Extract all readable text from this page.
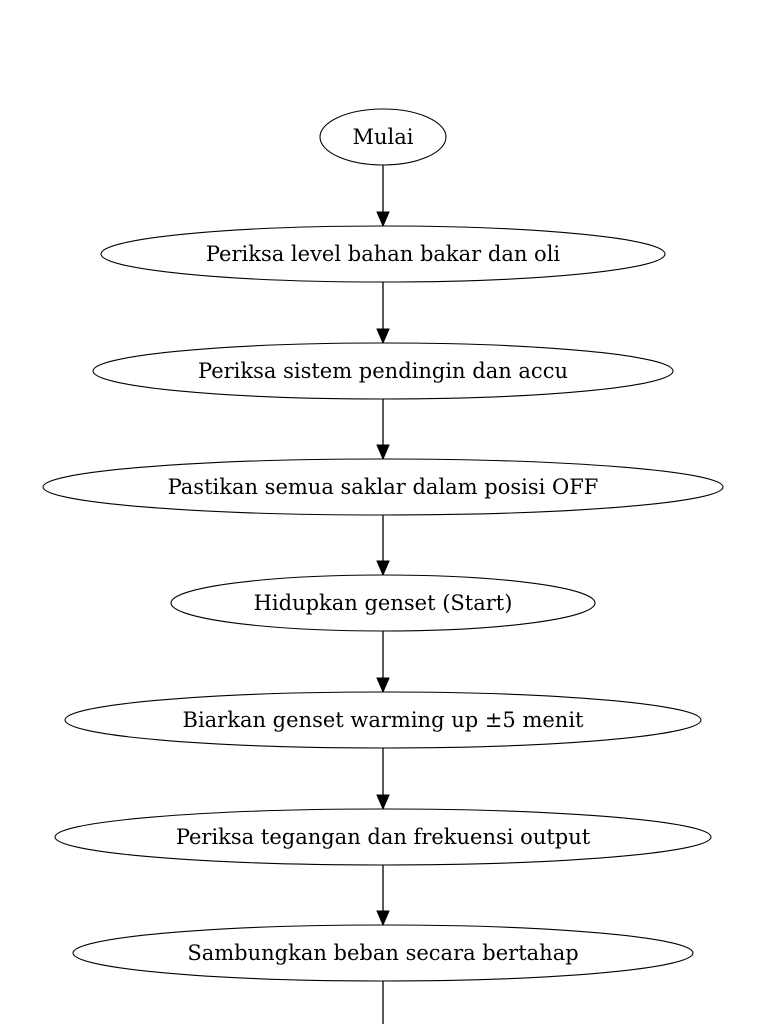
Mulai
Periksa level bahan bakar dan oli
Periksa sistem pendingin dan accu
Pastikan semua saklar dalam posisi OFF
Hidupkan genset (Start)
Biarkan genset warming up ±5 menit
Periksa tegangan dan frekuensi output
Sambungkan beban secara bertahap
